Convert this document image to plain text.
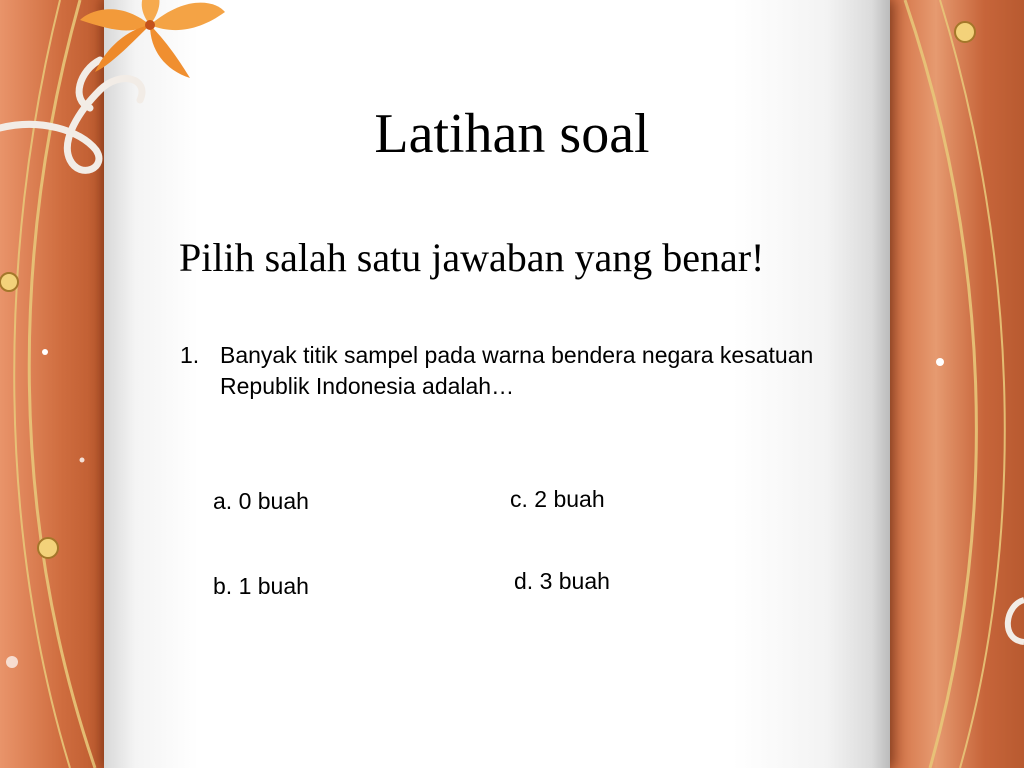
Latihan soal
Pilih salah satu jawaban yang benar!
1. Banyak titik sampel pada warna bendera negara kesatuan Republik Indonesia adalah…
a. 0 buah
b. 1 buah
c. 2 buah
d. 3 buah
